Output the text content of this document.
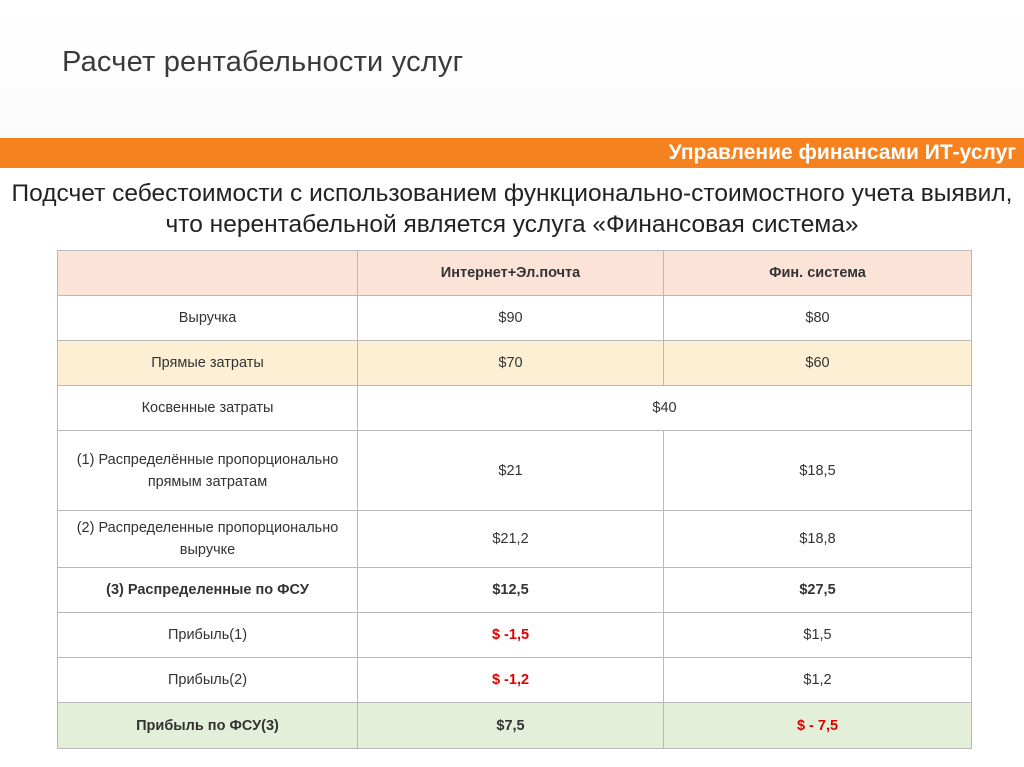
Расчет рентабельности услуг
Управление финансами ИТ-услуг
Подсчет себестоимости с использованием функционально-стоимостного учета выявил, что нерентабельной является услуга «Финансовая система»
	Интернет+Эл.почта	Фин. система
Выручка	$90	$80
Прямые затраты	$70	$60
Косвенные затраты	$40	
(1) Распределённые пропорционально прямым затратам	$21	$18,5
(2) Распределенные пропорционально выручке	$21,2	$18,8
(3) Распределенные по ФСУ	$12,5	$27,5
Прибыль(1)	$ -1,5	$1,5
Прибыль(2)	$ -1,2	$1,2
Прибыль по ФСУ(3)	$7,5	$ - 7,5
